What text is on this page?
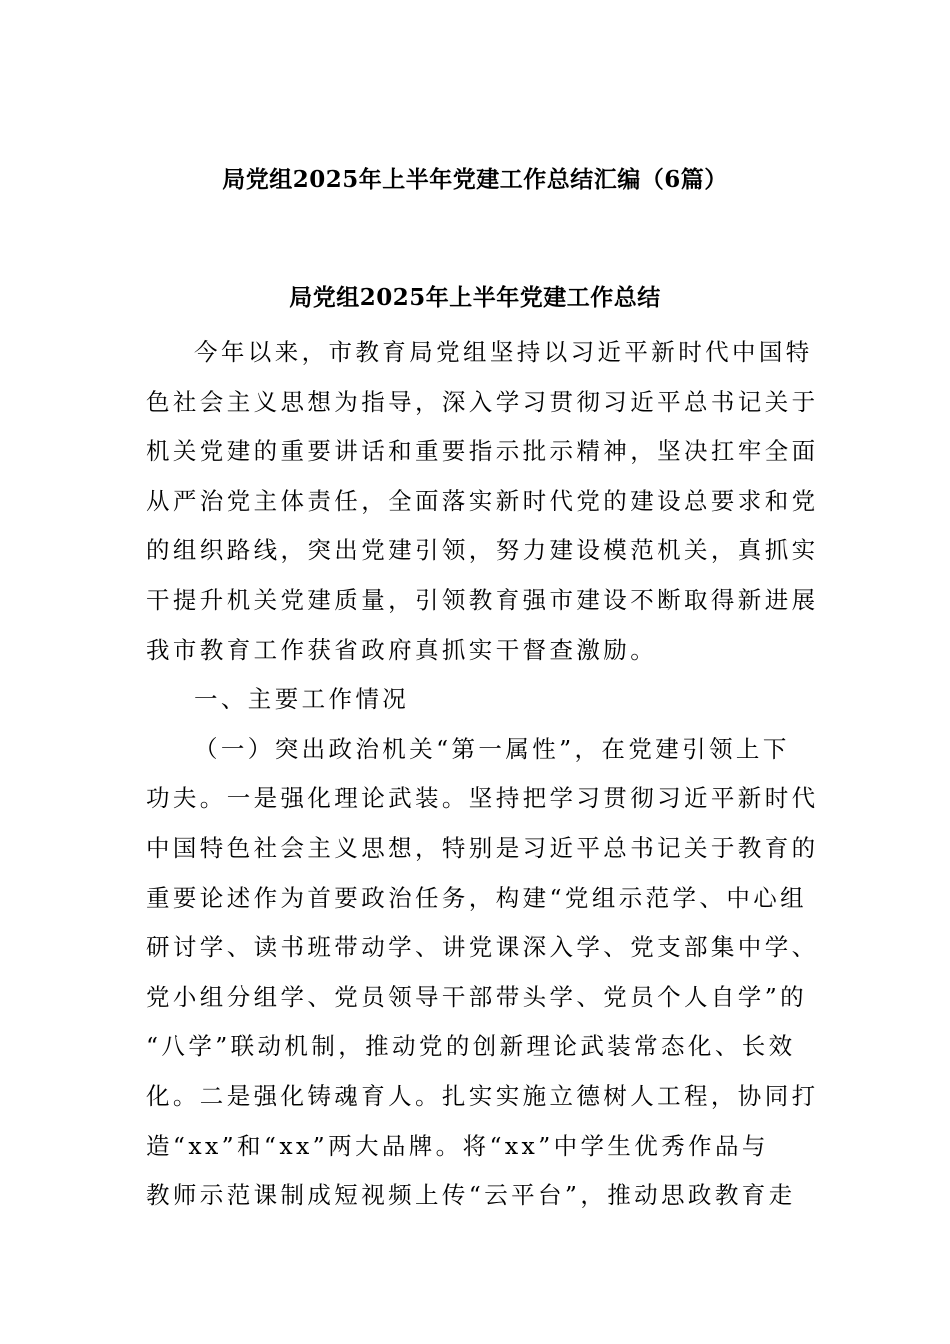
局党组2025年上半年党建工作总结汇编（6篇）
局党组2025年上半年党建工作总结
今年以来，市教育局党组坚持以习近平新时代中国特
色社会主义思想为指导，深入学习贯彻习近平总书记关于
机关党建的重要讲话和重要指示批示精神，坚决扛牢全面
从严治党主体责任，全面落实新时代党的建设总要求和党
的组织路线，突出党建引领，努力建设模范机关，真抓实
干提升机关党建质量，引领教育强市建设不断取得新进展
我市教育工作获省政府真抓实干督查激励。
一、主要工作情况
（一）突出政治机关“第一属性”，在党建引领上下
功夫。一是强化理论武装。坚持把学习贯彻习近平新时代
中国特色社会主义思想，特别是习近平总书记关于教育的
重要论述作为首要政治任务，构建“党组示范学、中心组
研讨学、读书班带动学、讲党课深入学、党支部集中学、
党小组分组学、党员领导干部带头学、党员个人自学”的
“八学”联动机制，推动党的创新理论武装常态化、长效
化。二是强化铸魂育人。扎实实施立德树人工程，协同打
造“xx”和“xx”两大品牌。将“xx”中学生优秀作品与
教师示范课制成短视频上传“云平台”，推动思政教育走
